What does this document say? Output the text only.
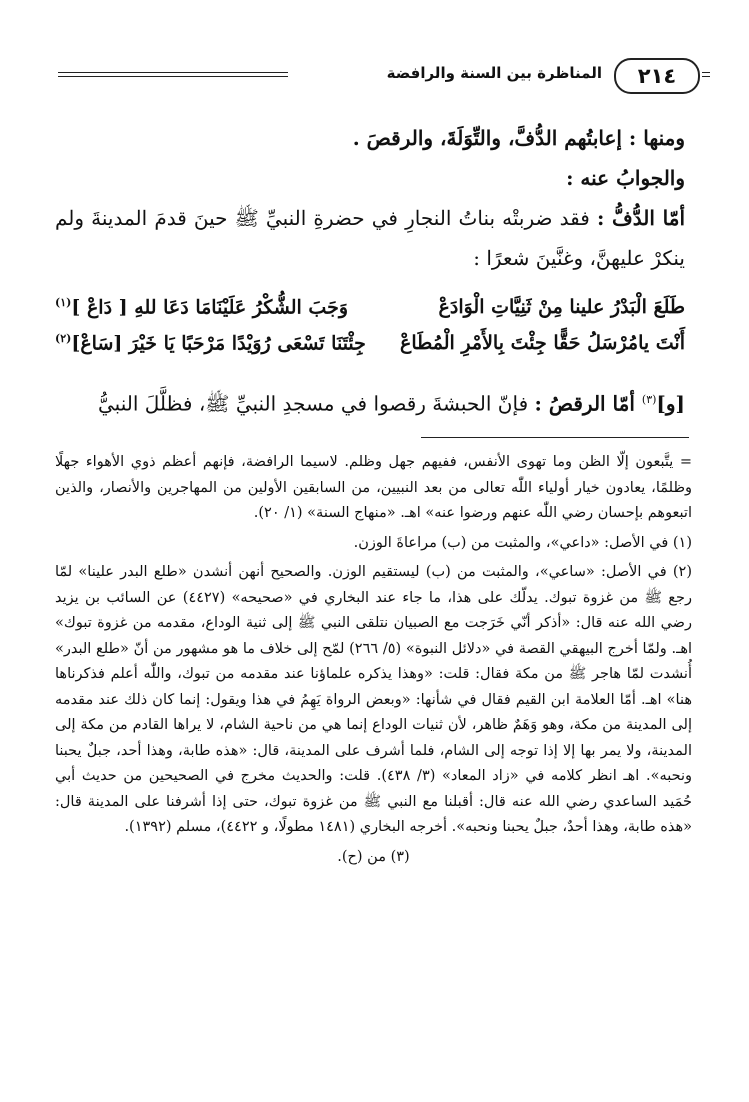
٢١٤
المناظرة بين السنة والرافضة

ومنها : إعابتُهم الدُّفَّ، والتِّوَلَةَ، والرقصَ .

والجوابُ عنه :

أمّا الدُّفُّ : فقد ضربتْه بناتُ النجارِ في حضرةِ النبيِّ ﷺ حينَ قدمَ المدينةَ ولم ينكرْ عليهنَّ، وغنَّينَ شعرًا :

طَلَعَ الْبَدْرُ علينا مِنْ ثَنِيَّاتِ الْوَادَعْ
وَجَبَ الشُّكْرُ عَلَيْنَامَا دَعَا للهِ [ دَاعْ ]$^{(١)}$
أَنْتَ يامُرْسَلُ حَقًّا جِئْتَ بِالأَمْرِ الْمُطَاعْ
جِئْتَنَا تَسْعَى رُوَيْدًا مَرْحَبًا يَا خَيْرَ [سَاعْ]$^{(٢)}$

[و]$^{(٣)}$ أمّا الرقصُ : فإنّ الحبشةَ رقصوا في مسجدِ النبيِّ ﷺ، فظلَّلَ النبيُّ

= يتَّبعون إلّا الظن وما تهوى الأنفس، ففيهم جهل وظلم. لاسيما الرافضة، فإنهم أعظم ذوي الأهواء جهلًا وظلمًا، يعادون خيار أولياء اللّٰه تعالى من بعد النبيين، من السابقين الأولين من المهاجرين والأنصار، والذين اتبعوهم بإحسان رضي اللّٰه عنهم ورضوا عنه» اهـ. «منهاج السنة» (١/ ٢٠).

(١) في الأصل: «داعي»، والمثبت من (ب) مراعاةَ الوزن.

(٢) في الأصل: «ساعي»، والمثبت من (ب) ليستقيم الوزن. والصحيح أنهن أنشدن «طلع البدر علينا» لمّا رجع ﷺ من غزوة تبوك. يدلّك على هذا، ما جاء عند البخاري في «صحيحه» (٤٤٢٧) عن السائب بن يزيد رضي الله عنه قال: «أذكر أنّي خَرَجت مع الصبيان نتلقى النبي ﷺ إلى ثنية الوداع، مقدمه من غزوة تبوك» اهـ. ولمّا أخرج البيهقي القصة في «دلائل النبوة» (٥/ ٢٦٦) لمّح إلى خلاف ما هو مشهور من أنّ «طلع البدر» أُنشدت لمّا هاجر ﷺ من مكة فقال: قلت: «وهذا يذكره علماؤنا عند مقدمه من تبوك، واللّٰه أعلم فذكرناها هنا» اهـ. أمّا العلامة ابن القيم فقال في شأنها: «وبعض الرواة يَهِمُ في هذا ويقول: إنما كان ذلك عند مقدمه إلى المدينة من مكة، وهو وَهَمٌ ظاهر، لأن ثنيات الوداع إنما هي من ناحية الشام، لا يراها القادم من مكة إلى المدينة، ولا يمر بها إلا إذا توجه إلى الشام، فلما أشرف على المدينة، قال: «هذه طابة، وهذا أحد، جبلٌ يحبنا ونحبه». اهـ انظر كلامه في «زاد المعاد» (٣/ ٤٣٨). قلت: والحديث مخرج في الصحيحين من حديث أبي حُمَيد الساعدي رضي الله عنه قال: أقبلنا مع النبي ﷺ من غزوة تبوك، حتى إذا أشرفنا على المدينة قال: «هذه طابة، وهذا أحدٌ، جبلٌ يحبنا ونحبه». أخرجه البخاري (١٤٨١ مطولًا، و ٤٤٢٢)، مسلم (١٣٩٢).

(٣) من (ح).
